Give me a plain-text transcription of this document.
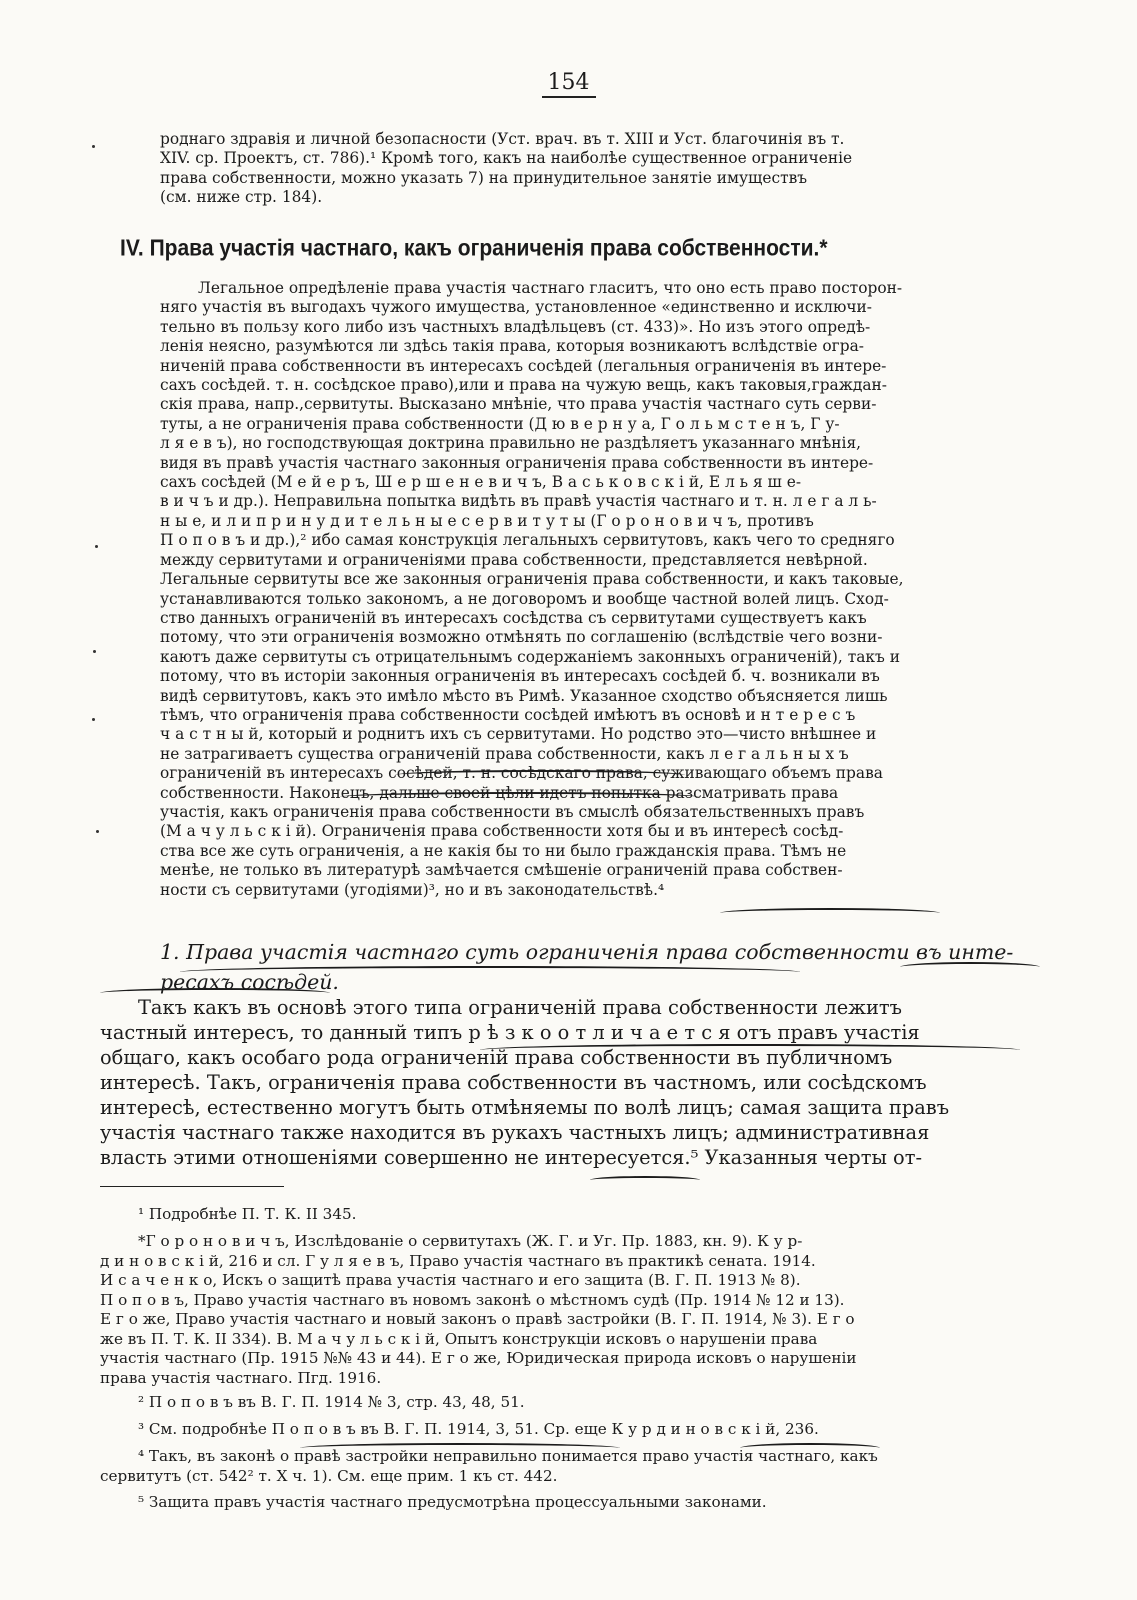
154
роднаго здравія и личной безопасности (Уст. врач. въ т. XIII и Уст. благочинія въ т.
XIV. ср. Проектъ, ст. 786).¹ Кромѣ того, какъ на наиболѣе существенное ограниченіе
права собственности, можно указать 7) на принудительное занятіе имуществъ
(см. ниже стр. 184).
IV. Права участія частнаго, какъ ограниченія права собственности.*
Легальное опредѣленіе права участія частнаго гласитъ, что оно есть право посторон-
няго участія въ выгодахъ чужого имущества, установленное «единственно и исключи-
тельно въ пользу кого либо изъ частныхъ владѣльцевъ (ст. 433)». Но изъ этого опредѣ-
ленія неясно, разумѣются ли здѣсь такія права, которыя возникаютъ вслѣдствіе огра-
ниченій права собственности въ интересахъ сосѣдей (легальныя ограниченія въ интере-
сахъ сосѣдей. т. н. сосѣдское право),или и права на чужую вещь, какъ таковыя,граждан-
скія права, напр.,сервитуты. Высказано мнѣніе, что права участія частнаго суть серви-
туты, а не ограниченія права собственности (Д ю в е р н у а, Г о л ь м с т е н ъ, Г у-
л я е в ъ), но господствующая доктрина правильно не раздѣляетъ указаннаго мнѣнія,
видя въ правѣ участія частнаго законныя ограниченія права собственности въ интере-
сахъ сосѣдей (М е й е р ъ, Ш е р ш е н е в и ч ъ, В а с ь к о в с к і й, Е л ь я ш е-
в и ч ъ и др.). Неправильна попытка видѣть въ правѣ участія частнаго и т. н. л е г а л ь-
н ы е, и л и п р и н у д и т е л ь н ы е с е р в и т у т ы (Г о р о н о в и ч ъ, противъ
П о п о в ъ и др.),² ибо самая конструкція легальныхъ сервитутовъ, какъ чего то средняго
между сервитутами и ограниченіями права собственности, представляется невѣрной.
Легальные сервитуты все же законныя ограниченія права собственности, и какъ таковые,
устанавливаются только закономъ, а не договоромъ и вообще частной волей лицъ. Сход-
ство данныхъ ограниченій въ интересахъ сосѣдства съ сервитутами существуетъ какъ
потому, что эти ограниченія возможно отмѣнять по соглашенію (вслѣдствіе чего возни-
каютъ даже сервитуты съ отрицательнымъ содержаніемъ законныхъ ограниченій), такъ и
потому, что въ исторіи законныя ограниченія въ интересахъ сосѣдей б. ч. возникали въ
видѣ сервитутовъ, какъ это имѣло мѣсто въ Римѣ. Указанное сходство объясняется лишь
тѣмъ, что ограниченія права собственности сосѣдей имѣютъ въ основѣ и н т е р е с ъ
ч а с т н ы й, который и роднитъ ихъ съ сервитутами. Но родство это—чисто внѣшнее и
не затрагиваетъ существа ограниченій права собственности, какъ л е г а л ь н ы х ъ
ограниченій въ интересахъ сосѣдей, т. н. сосѣдскаго права, суживающаго объемъ права
собственности. Наконецъ, дальше своей цѣли идетъ попытка разсматривать права
участія, какъ ограниченія права собственности въ смыслѣ обязательственныхъ правъ
(М а ч у л ь с к і й). Ограниченія права собственности хотя бы и въ интересѣ сосѣд-
ства все же суть ограниченія, а не какія бы то ни было гражданскія права. Тѣмъ не
менѣе, не только въ литературѣ замѣчается смѣшеніе ограниченій права собствен-
ности съ сервитутами (угодіями)³, но и въ законодательствѣ.⁴
1. Права участія частнаго суть ограниченія права собственности въ инте-
ресахъ сосѣдей.
Такъ какъ въ основѣ этого типа ограниченій права собственности лежитъ
частный интересъ, то данный типъ р ѣ з к о о т л и ч а е т с я отъ правъ участія
общаго, какъ особаго рода ограниченій права собственности въ публичномъ
интересѣ. Такъ, ограниченія права собственности въ частномъ, или сосѣдскомъ
интересѣ, естественно могутъ быть отмѣняемы по волѣ лицъ; самая защита правъ
участія частнаго также находится въ рукахъ частныхъ лицъ; административная
власть этими отношеніями совершенно не интересуется.⁵ Указанныя черты от-
¹ Подробнѣе П. Т. К. II 345.
*Г о р о н о в и ч ъ, Изслѣдованіе о сервитутахъ (Ж. Г. и Уг. Пр. 1883, кн. 9). К у р-
д и н о в с к і й, 216 и сл. Г у л я е в ъ, Право участія частнаго въ практикѣ сената. 1914.
И с а ч е н к о, Искъ о защитѣ права участія частнаго и его защита (В. Г. П. 1913 № 8).
П о п о в ъ, Право участія частнаго въ новомъ законѣ о мѣстномъ судѣ (Пр. 1914 № 12 и 13).
Е г о же, Право участія частнаго и новый законъ о правѣ застройки (В. Г. П. 1914, № 3). Е г о
же въ П. Т. К. II 334). В. М а ч у л ь с к і й, Опытъ конструкціи исковъ о нарушеніи права
участія частнаго (Пр. 1915 №№ 43 и 44). Е г о же, Юридическая природа исковъ о нарушеніи
права участія частнаго. Пгд. 1916.
² П о п о в ъ въ В. Г. П. 1914 № 3, стр. 43, 48, 51.
³ См. подробнѣе П о п о в ъ въ В. Г. П. 1914, 3, 51. Ср. еще К у р д и н о в с к і й, 236.
⁴ Такъ, въ законѣ о правѣ застройки неправильно понимается право участія частнаго, какъ
сервитутъ (ст. 542² т. X ч. 1). См. еще прим. 1 къ ст. 442.
⁵ Защита правъ участія частнаго предусмотрѣна процессуальными законами.
